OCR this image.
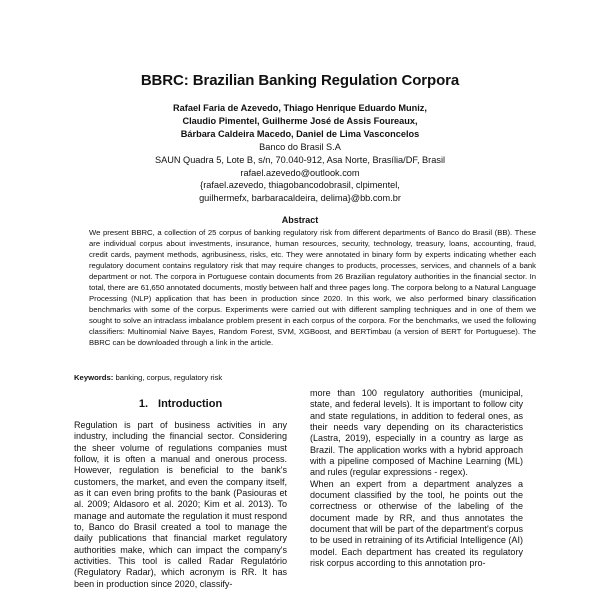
BBRC: Brazilian Banking Regulation Corpora
Rafael Faria de Azevedo, Thiago Henrique Eduardo Muniz,
Claudio Pimentel, Guilherme José de Assis Foureaux,
Bárbara Caldeira Macedo, Daniel de Lima Vasconcelos
Banco do Brasil S.A
SAUN Quadra 5, Lote B, s/n, 70.040-912, Asa Norte, Brasília/DF, Brasil
rafael.azevedo@outlook.com
{rafael.azevedo, thiagobancodobrasil, clpimentel,
guilhermefx, barbaracaldeira, delima}@bb.com.br
Abstract

We present BBRC, a collection of 25 corpus of banking regulatory risk from different departments of Banco do Brasil (BB). These are individual corpus about investments, insurance, human resources, security, technology, treasury, loans, accounting, fraud, credit cards, payment methods, agribusiness, risks, etc. They were annotated in binary form by experts indicating whether each regulatory document contains regulatory risk that may require changes to products, processes, services, and channels of a bank department or not. The corpora in Portuguese contain documents from 26 Brazilian regulatory authorities in the financial sector. In total, there are 61,650 annotated documents, mostly between half and three pages long. The corpora belong to a Natural Language Processing (NLP) application that has been in production since 2020. In this work, we also performed binary classification benchmarks with some of the corpus. Experiments were carried out with different sampling techniques and in one of them we sought to solve an intraclass imbalance problem present in each corpus of the corpora. For the benchmarks, we used the following classifiers: Multinomial Naive Bayes, Random Forest, SVM, XGBoost, and BERTimbau (a version of BERT for Portuguese). The BBRC can be downloaded through a link in the article.

Keywords: banking, corpus, regulatory risk
1. Introduction

Regulation is part of business activities in any industry, including the financial sector. Considering the sheer volume of regulations companies must follow, it is often a manual and onerous process. However, regulation is beneficial to the bank's customers, the market, and even the company itself, as it can even bring profits to the bank (Pasiouras et al. 2009; Aldasoro et al. 2020; Kim et al. 2013). To manage and automate the regulation it must respond to, Banco do Brasil created a tool to manage the daily publications that financial market regulatory authorities make, which can impact the company's activities. This tool is called Radar Regulatório (Regulatory Radar), which acronym is RR. It has been in production since 2020, classify-

more than 100 regulatory authorities (municipal, state, and federal levels). It is important to follow city and state regulations, in addition to federal ones, as their needs vary depending on its characteristics (Lastra, 2019), especially in a country as large as Brazil. The application works with a hybrid approach with a pipeline composed of Machine Learning (ML) and rules (regular expressions - regex).

When an expert from a department analyzes a document classified by the tool, he points out the correctness or otherwise of the labeling of the document made by RR, and thus annotates the document that will be part of the department's corpus to be used in retraining of its Artificial Intelligence (AI) model. Each department has created its regulatory risk corpus according to this annotation pro-
